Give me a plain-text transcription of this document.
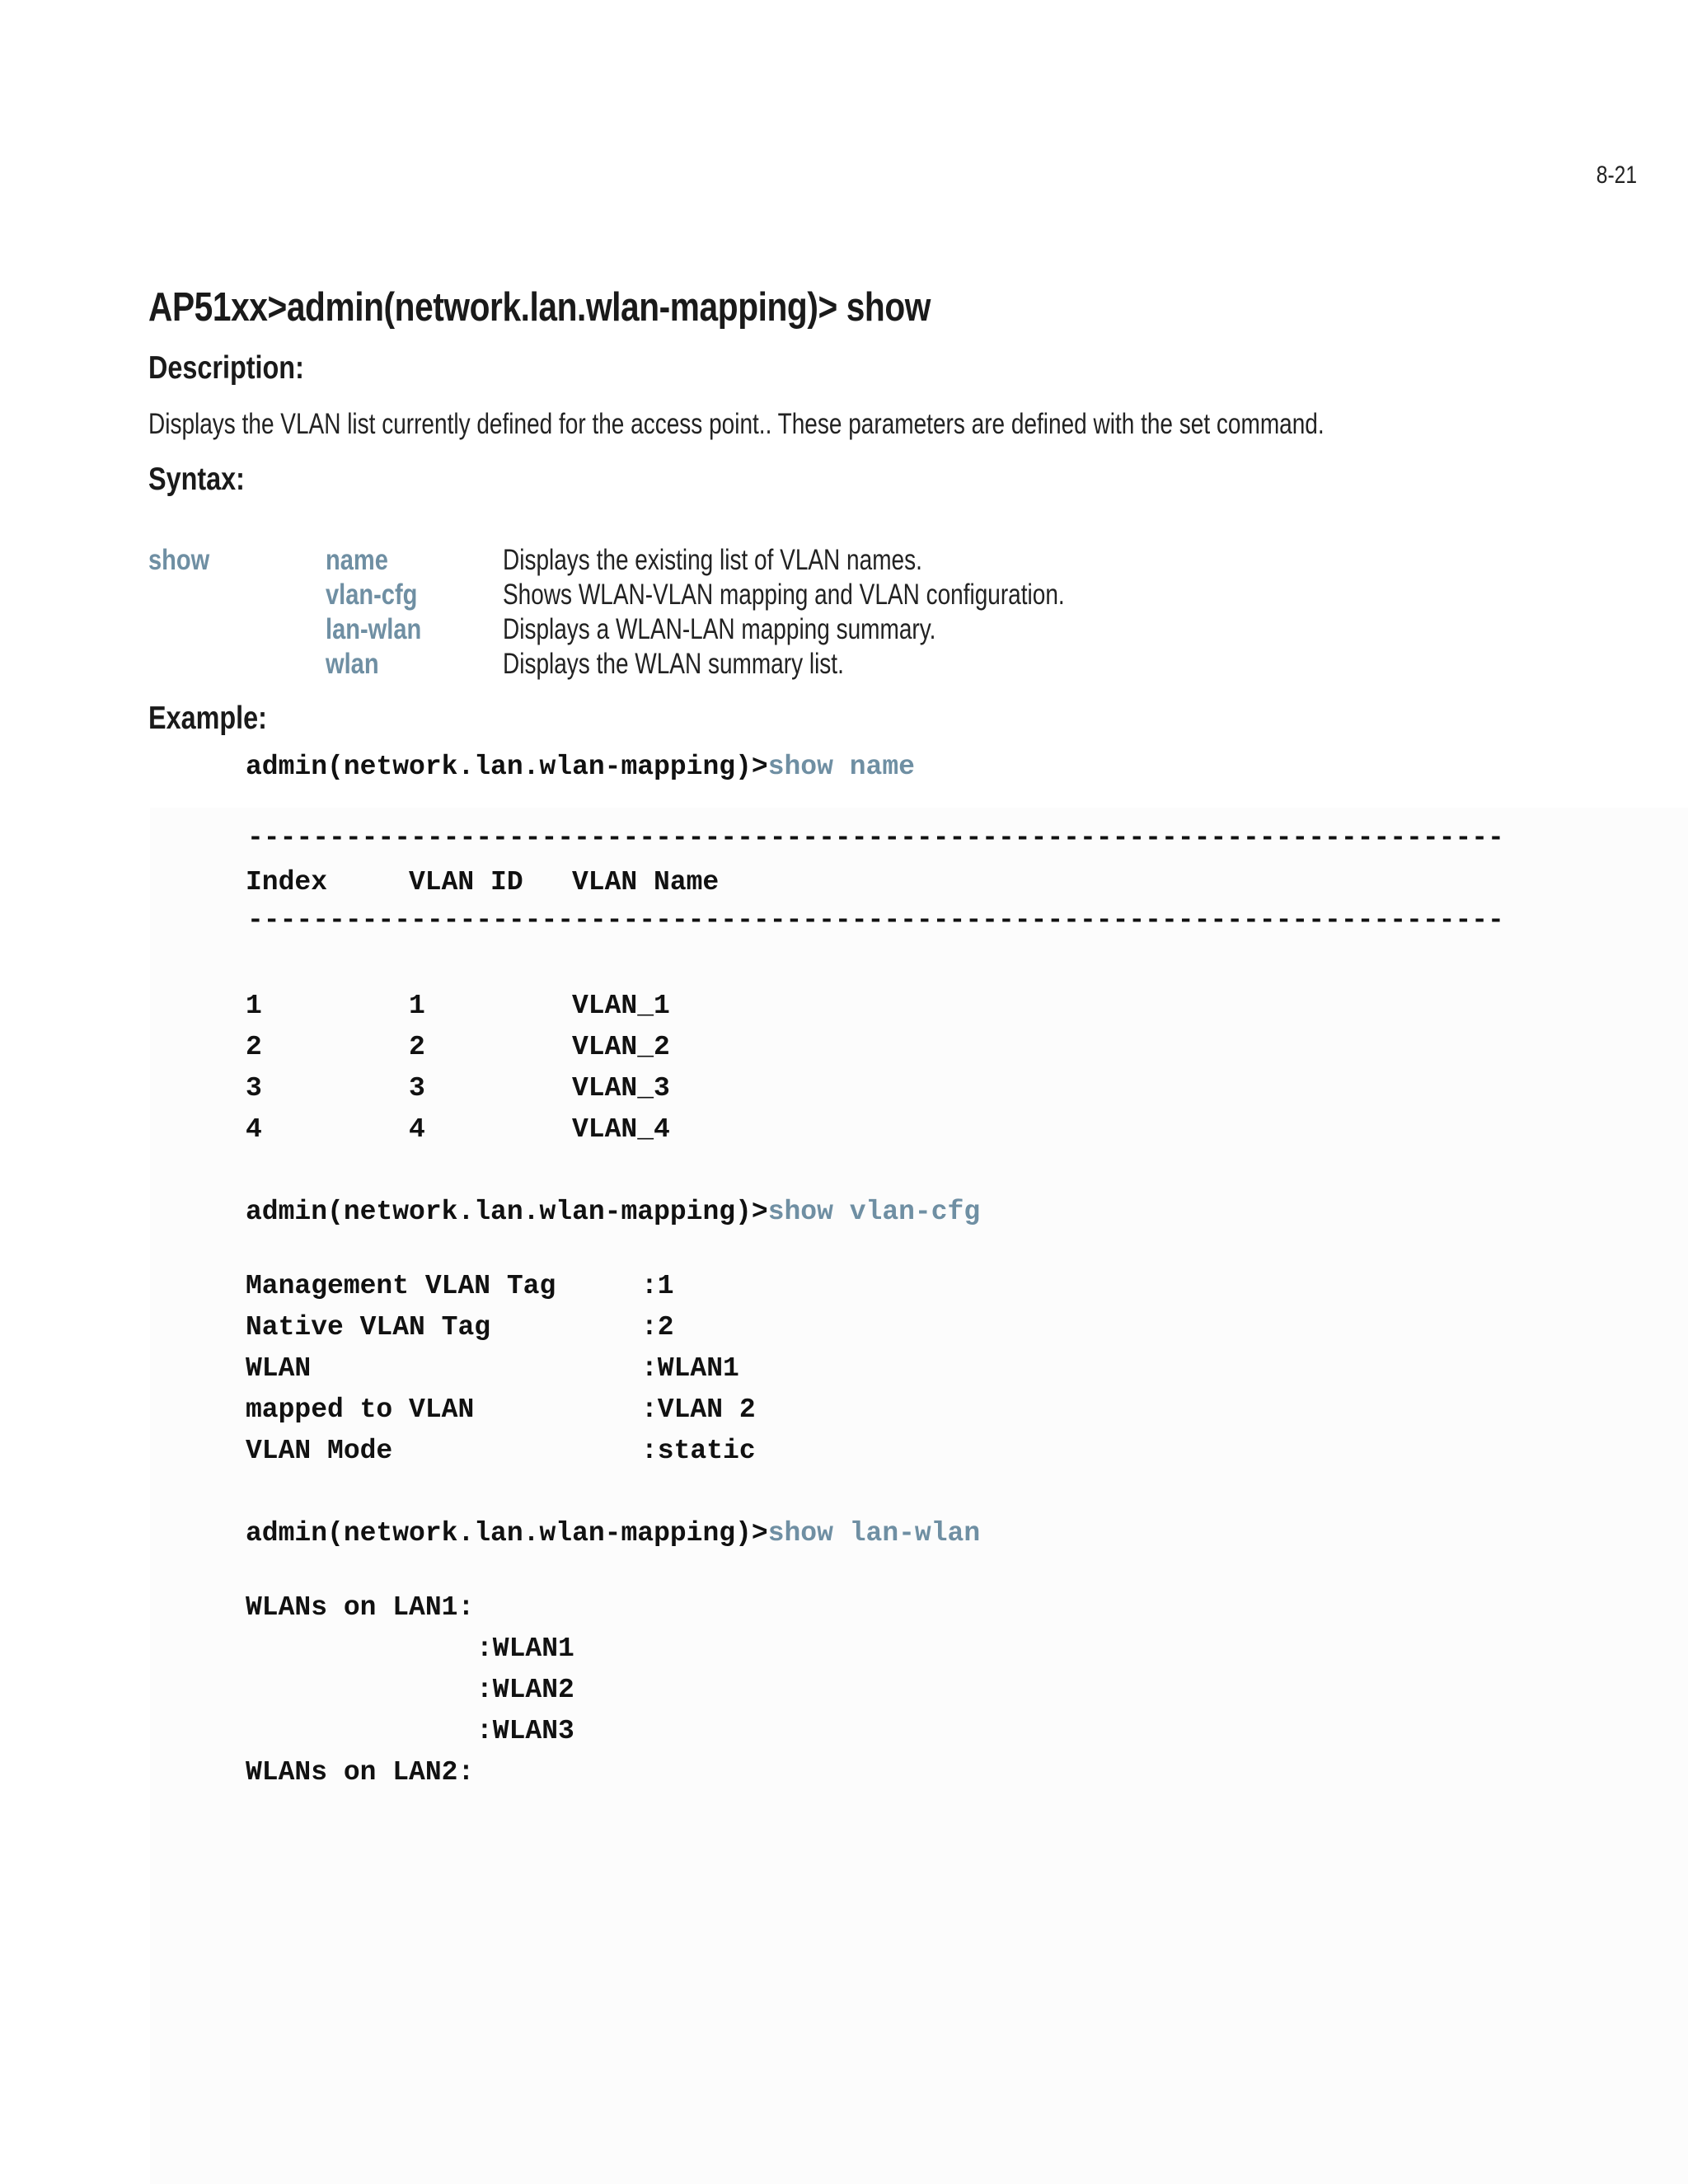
8-21
AP51xx>admin(network.lan.wlan-mapping)> show
Description:
Displays the VLAN list currently defined for the access point.. These parameters are defined with the set command.
Syntax:
show	name	Displays the existing list of VLAN names.
vlan-cfg	Shows WLAN-VLAN mapping and VLAN configuration.
lan-wlan	Displays a WLAN-LAN mapping summary.
wlan	Displays the WLAN summary list.
Example:
admin(network.lan.wlan-mapping)>show name
-----------------------------------------------------------------------------
Index	VLAN ID VLAN Name
-----------------------------------------------------------------------------
1	1	VLAN_1
2	2	VLAN_2
3	3	VLAN_3
4	4	VLAN_4
admin(network.lan.wlan-mapping)>show vlan-cfg
Management VLAN Tag	:1
Native VLAN Tag	:2
WLAN	:WLAN1
mapped to VLAN	:VLAN 2
VLAN Mode	:static
admin(network.lan.wlan-mapping)>show lan-wlan
WLANs on LAN1:
:WLAN1
:WLAN2
:WLAN3
WLANs on LAN2:
